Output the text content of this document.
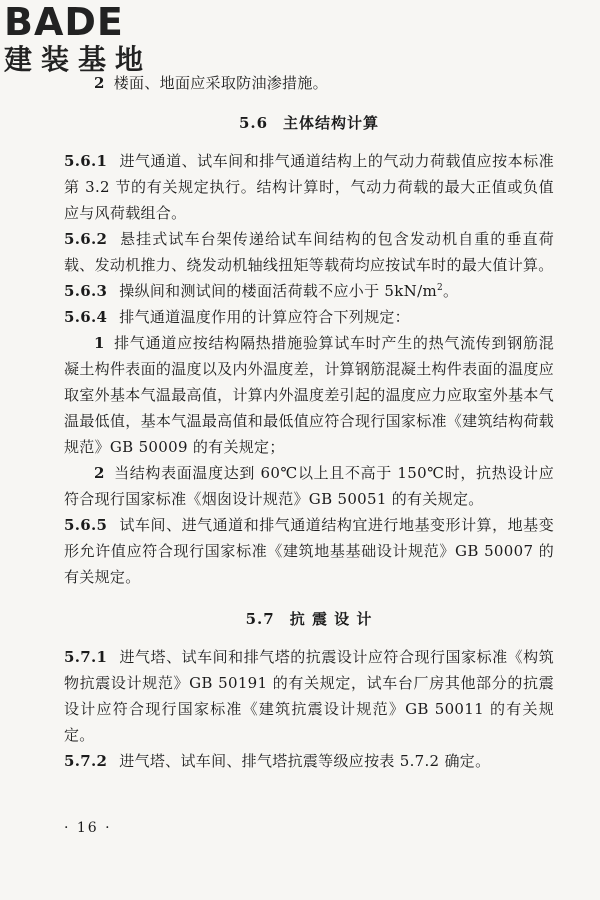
BADE
建装基地

2 楼面、地面应采取防油渗措施。

5.6 主体结构计算

5.6.1 进气通道、试车间和排气通道结构上的气动力荷载值应按本标准第 3.2 节的有关规定执行。结构计算时，气动力荷载的最大正值或负值应与风荷载组合。

5.6.2 悬挂式试车台架传递给试车间结构的包含发动机自重的垂直荷载、发动机推力、绕发动机轴线扭矩等载荷均应按试车时的最大值计算。

5.6.3 操纵间和测试间的楼面活荷载不应小于 $5kN/m^2$。

5.6.4 排气通道温度作用的计算应符合下列规定：

1 排气通道应按结构隔热措施验算试车时产生的热气流传到钢筋混凝土构件表面的温度以及内外温度差，计算钢筋混凝土构件表面的温度应取室外基本气温最高值，计算内外温度差引起的温度应力应取室外基本气温最低值，基本气温最高值和最低值应符合现行国家标准《建筑结构荷载规范》GB 50009 的有关规定；

2 当结构表面温度达到 60℃以上且不高于 150℃时，抗热设计应符合现行国家标准《烟囱设计规范》GB 50051 的有关规定。

5.6.5 试车间、进气通道和排气通道结构宜进行地基变形计算，地基变形允许值应符合现行国家标准《建筑地基基础设计规范》GB 50007 的有关规定。

5.7 抗 震 设 计

5.7.1 进气塔、试车间和排气塔的抗震设计应符合现行国家标准《构筑物抗震设计规范》GB 50191 的有关规定，试车台厂房其他部分的抗震设计应符合现行国家标准《建筑抗震设计规范》GB 50011 的有关规定。

5.7.2 进气塔、试车间、排气塔抗震等级应按表 5.7.2 确定。

· 16 ·
